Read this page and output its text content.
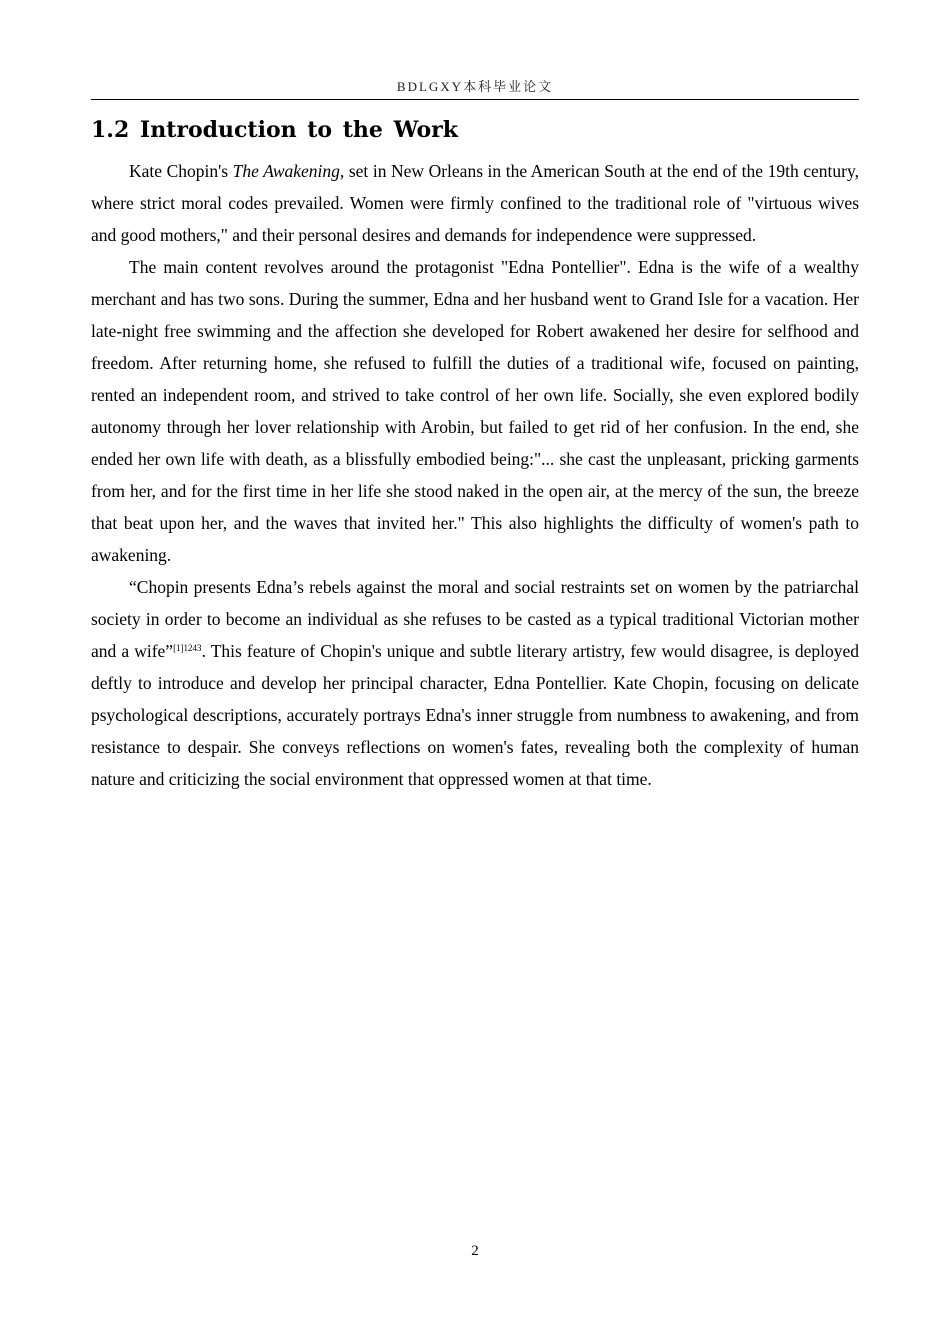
BDLGXY本科毕业论文
1.2 Introduction to the Work

Kate Chopin's The Awakening, set in New Orleans in the American South at the end of the 19th century, where strict moral codes prevailed. Women were firmly confined to the traditional role of "virtuous wives and good mothers," and their personal desires and demands for independence were suppressed.

The main content revolves around the protagonist "Edna Pontellier". Edna is the wife of a wealthy merchant and has two sons. During the summer, Edna and her husband went to Grand Isle for a vacation. Her late-night free swimming and the affection she developed for Robert awakened her desire for selfhood and freedom. After returning home, she refused to fulfill the duties of a traditional wife, focused on painting, rented an independent room, and strived to take control of her own life. Socially, she even explored bodily autonomy through her lover relationship with Arobin, but failed to get rid of her confusion. In the end, she ended her own life with death, as a blissfully embodied being:"... she cast the unpleasant, pricking garments from her, and for the first time in her life she stood naked in the open air, at the mercy of the sun, the breeze that beat upon her, and the waves that invited her." This also highlights the difficulty of women's path to awakening.

“Chopin presents Edna’s rebels against the moral and social restraints set on women by the patriarchal society in order to become an individual as she refuses to be casted as a typical traditional Victorian mother and a wife”$^{[1]1243}$. This feature of Chopin's unique and subtle literary artistry, few would disagree, is deployed deftly to introduce and develop her principal character, Edna Pontellier. Kate Chopin, focusing on delicate psychological descriptions, accurately portrays Edna's inner struggle from numbness to awakening, and from resistance to despair. She conveys reflections on women's fates, revealing both the complexity of human nature and criticizing the social environment that oppressed women at that time.

2
